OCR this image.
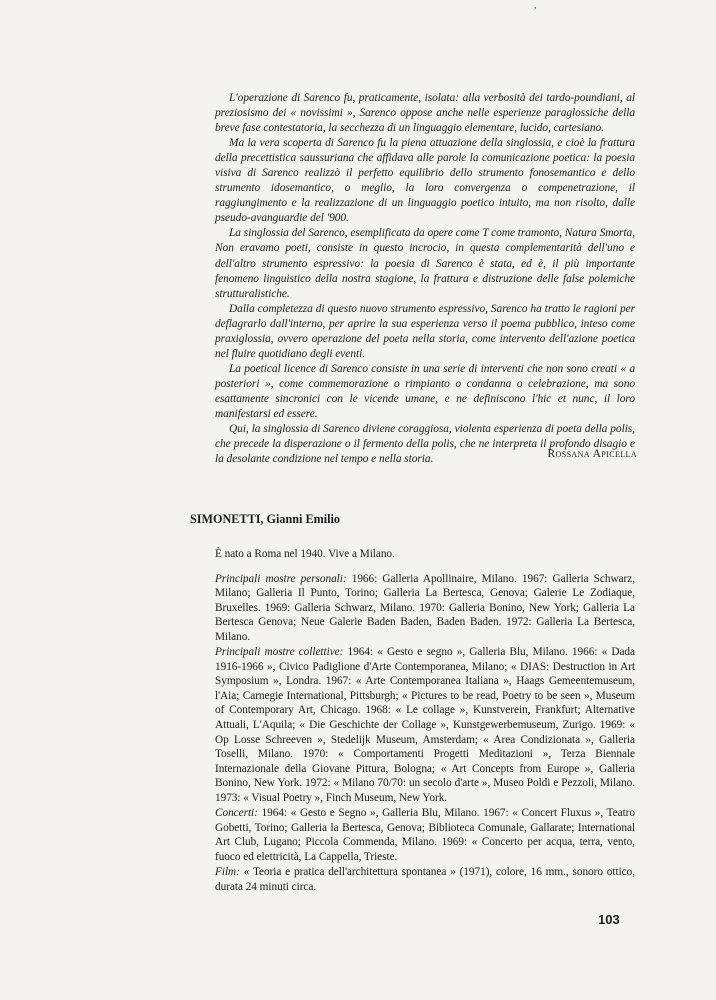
,

L'operazione di Sarenco fu, praticamente, isolata: alla verbosità dei tardo-poundiani, al preziosismo dei « novissimi », Sarenco oppose anche nelle esperienze paraglossiche della breve fase contestatoria, la secchezza di un linguaggio elementare, lucido, cartesiano.

Ma la vera scoperta di Sarenco fu la piena attuazione della singlossia, e cioè la frattura della precettistica saussuriana che affidava alle parole la comunicazione poetica: la poesia visiva di Sarenco realizzò il perfetto equilibrio dello strumento fonosemantico e dello strumento idosemantico, o meglio, la loro convergenza o compenetrazione, il raggiungimento e la realizzazione di un linguaggio poetico intuito, ma non risolto, dalle pseudo-avanguardie del '900.

La singlossia del Sarenco, esemplificata da opere come T come tramonto, Natura Smorta, Non eravamo poeti, consiste in questo incrocio, in questa complementarità dell'uno e dell'altro strumento espressivo: la poesia di Sarenco è stata, ed è, il più importante fenomeno linguistico della nostra stagione, la frattura e distruzione delle false polemiche strutturalistiche.

Dalla completezza di questo nuovo strumento espressivo, Sarenco ha tratto le ragioni per deflagrarlo dall'interno, per aprire la sua esperienza verso il poema pubblico, inteso come praxiglossia, ovvero operazione del poeta nella storia, come intervento dell'azione poetica nel fluire quotidiano degli eventi.

La poetical licence di Sarenco consiste in una serie di interventi che non sono creati « a posteriori », come commemorazione o rimpianto o condanna o celebrazione, ma sono esattamente sincronici con le vicende umane, e ne definiscono l'hic et nunc, il loro manifestarsi ed essere.

Qui, la singlossia di Sarenco diviene coraggiosa, violenta esperienza di poeta della polis, che precede la disperazione o il fermento della polis, che ne interpreta il profondo disagio e la desolante condizione nel tempo e nella storia.	Rossana Apicella
SIMONETTI, Gianni Emilio

È nato a Roma nel 1940. Vive a Milano.

Principali mostre personali: 1966: Galleria Apollinaire, Milano. 1967: Galleria Schwarz, Milano; Galleria Il Punto, Torino; Galleria La Bertesca, Genova; Galerie Le Zodiaque, Bruxelles. 1969: Galleria Schwarz, Milano. 1970: Galleria Bonino, New York; Galleria La Bertesca Genova; Neue Galerie Baden Baden, Baden Baden. 1972: Galleria La Bertesca, Milano.

Principali mostre collettive: 1964: « Gesto e segno », Galleria Blu, Milano. 1966: « Dada 1916-1966 », Civico Padiglione d'Arte Contemporanea, Milano; « DIAS: Destruction in Art Symposium », Londra. 1967: « Arte Contemporanea Italiana », Haags Gemeentemuseum, l'Aia; Carnegie International, Pittsburgh; « Pictures to be read, Poetry to be seen », Museum of Contemporary Art, Chicago. 1968: « Le collage », Kunstverein, Frankfurt; Alternative Attuali, L'Aquila; « Die Geschichte der Collage », Kunstgewerbemuseum, Zurigo. 1969: « Op Losse Schreeven », Stedelijk Museum, Amsterdam; « Area Condizionata », Galleria Toselli, Milano. 1970: « Comportamenti Progetti Meditazioni », Terza Biennale Internazionale della Giovane Pittura, Bologna; « Art Concepts from Europe », Galleria Bonino, New York. 1972: « Milano 70/70: un secolo d'arte », Museo Poldi e Pezzoli, Milano. 1973: « Visual Poetry », Finch Museum, New York.

Concerti: 1964: « Gesto e Segno », Galleria Blu, Milano. 1967: « Concert Fluxus », Teatro Gobetti, Torino; Galleria la Bertesca, Genova; Biblioteca Comunale, Gallarate; International Art Club, Lugano; Piccola Commenda, Milano. 1969: « Concerto per acqua, terra, vento, fuoco ed elettricità, La Cappella, Trieste.

Film: « Teoria e pratica dell'architettura spontanea » (1971), colore, 16 mm., sonoro ottico, durata 24 minuti circa.

103
